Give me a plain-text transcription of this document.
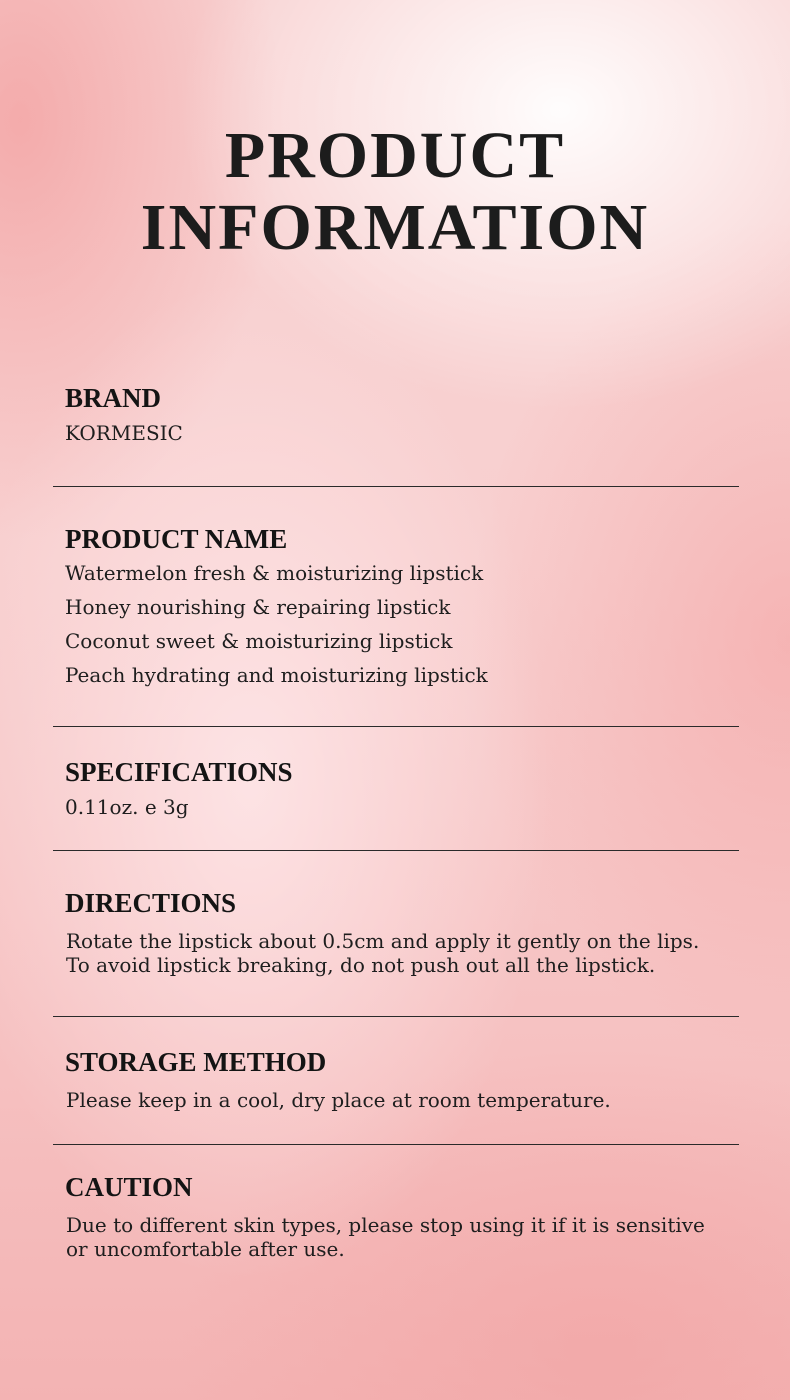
PRODUCT
INFORMATION
BRAND
KORMESIC
PRODUCT NAME
Watermelon fresh & moisturizing lipstick
Honey nourishing & repairing lipstick
Coconut sweet & moisturizing lipstick
Peach hydrating and moisturizing lipstick
SPECIFICATIONS
0.11oz. e 3g
DIRECTIONS
Rotate the lipstick about 0.5cm and apply it gently on the lips. To avoid lipstick breaking, do not push out all the lipstick.
STORAGE METHOD
Please keep in a cool, dry place at room temperature.
CAUTION
Due to different skin types, please stop using it if it is sensitive or uncomfortable after use.
